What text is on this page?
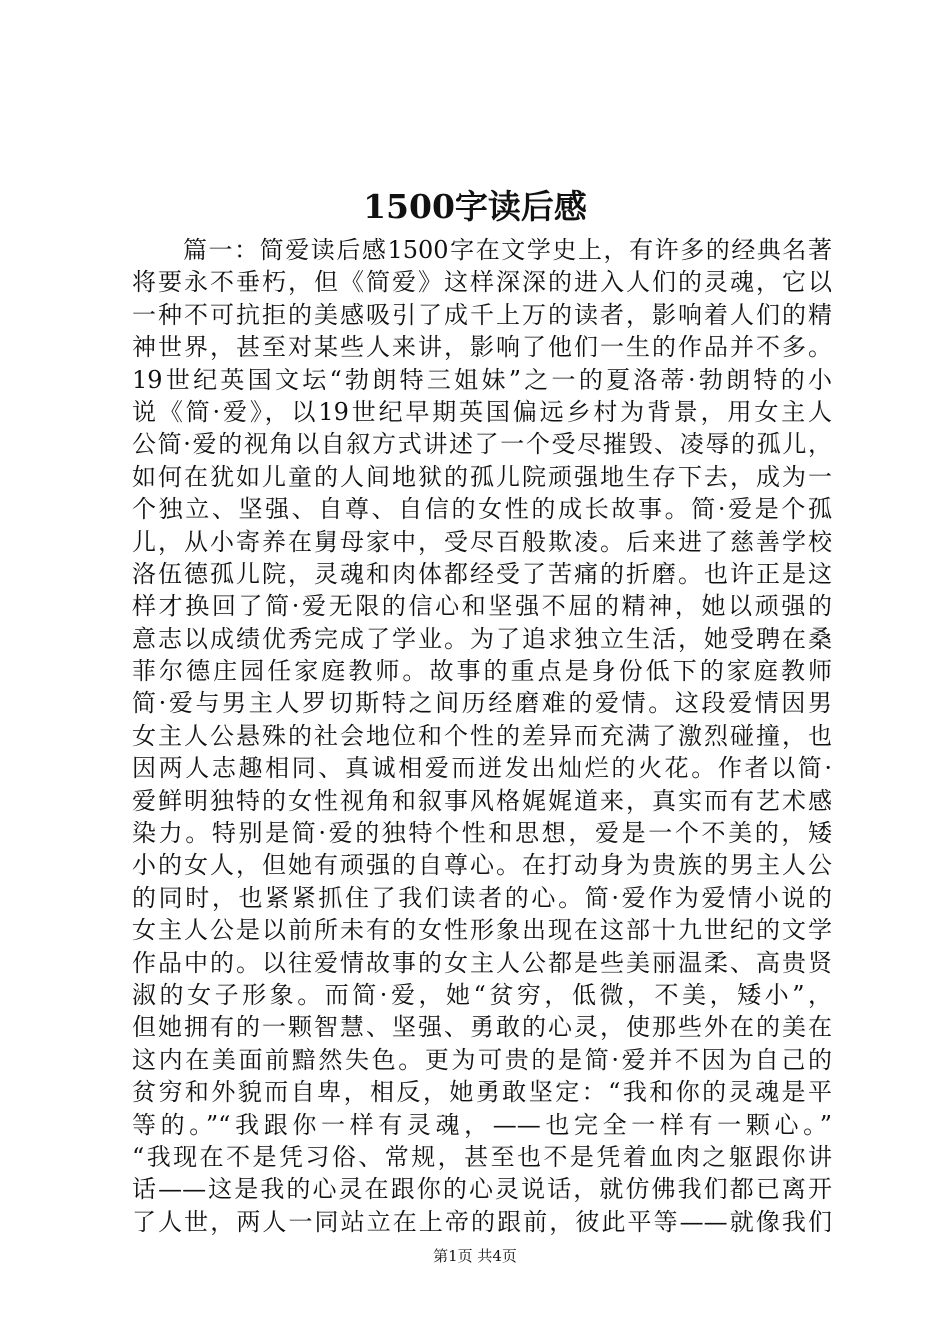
1500字读后感
篇一：简爱读后感1500字在文学史上，有许多的经典名著
将要永不垂朽，但《简爱》这样深深的进入人们的灵魂，它以
一种不可抗拒的美感吸引了成千上万的读者，影响着人们的精
神世界，甚至对某些人来讲，影响了他们一生的作品并不多。
19世纪英国文坛“勃朗特三姐妹”之一的夏洛蒂·勃朗特的小
说《简·爱》，以19世纪早期英国偏远乡村为背景，用女主人
公简·爱的视角以自叙方式讲述了一个受尽摧毁、凌辱的孤儿，
如何在犹如儿童的人间地狱的孤儿院顽强地生存下去，成为一
个独立、坚强、自尊、自信的女性的成长故事。简·爱是个孤
儿，从小寄养在舅母家中，受尽百般欺凌。后来进了慈善学校
洛伍德孤儿院，灵魂和肉体都经受了苦痛的折磨。也许正是这
样才换回了简·爱无限的信心和坚强不屈的精神，她以顽强的
意志以成绩优秀完成了学业。为了追求独立生活，她受聘在桑
菲尔德庄园任家庭教师。故事的重点是身份低下的家庭教师
简·爱与男主人罗切斯特之间历经磨难的爱情。这段爱情因男
女主人公悬殊的社会地位和个性的差异而充满了激烈碰撞，也
因两人志趣相同、真诚相爱而迸发出灿烂的火花。作者以简·
爱鲜明独特的女性视角和叙事风格娓娓道来，真实而有艺术感
染力。特别是简·爱的独特个性和思想，爱是一个不美的，矮
小的女人，但她有顽强的自尊心。在打动身为贵族的男主人公
的同时，也紧紧抓住了我们读者的心。简·爱作为爱情小说的
女主人公是以前所未有的女性形象出现在这部十九世纪的文学
作品中的。以往爱情故事的女主人公都是些美丽温柔、高贵贤
淑的女子形象。而简·爱，她“贫穷，低微，不美，矮小”，
但她拥有的一颗智慧、坚强、勇敢的心灵，使那些外在的美在
这内在美面前黯然失色。更为可贵的是简·爱并不因为自己的
贫穷和外貌而自卑，相反，她勇敢坚定：“我和你的灵魂是平
等的。”“我跟你一样有灵魂，——也完全一样有一颗心。”
“我现在不是凭习俗、常规，甚至也不是凭着血肉之躯跟你讲
话——这是我的心灵在跟你的心灵说话，就仿佛我们都已离开
了人世，两人一同站立在上帝的跟前，彼此平等——就像我们
第1页 共4页
